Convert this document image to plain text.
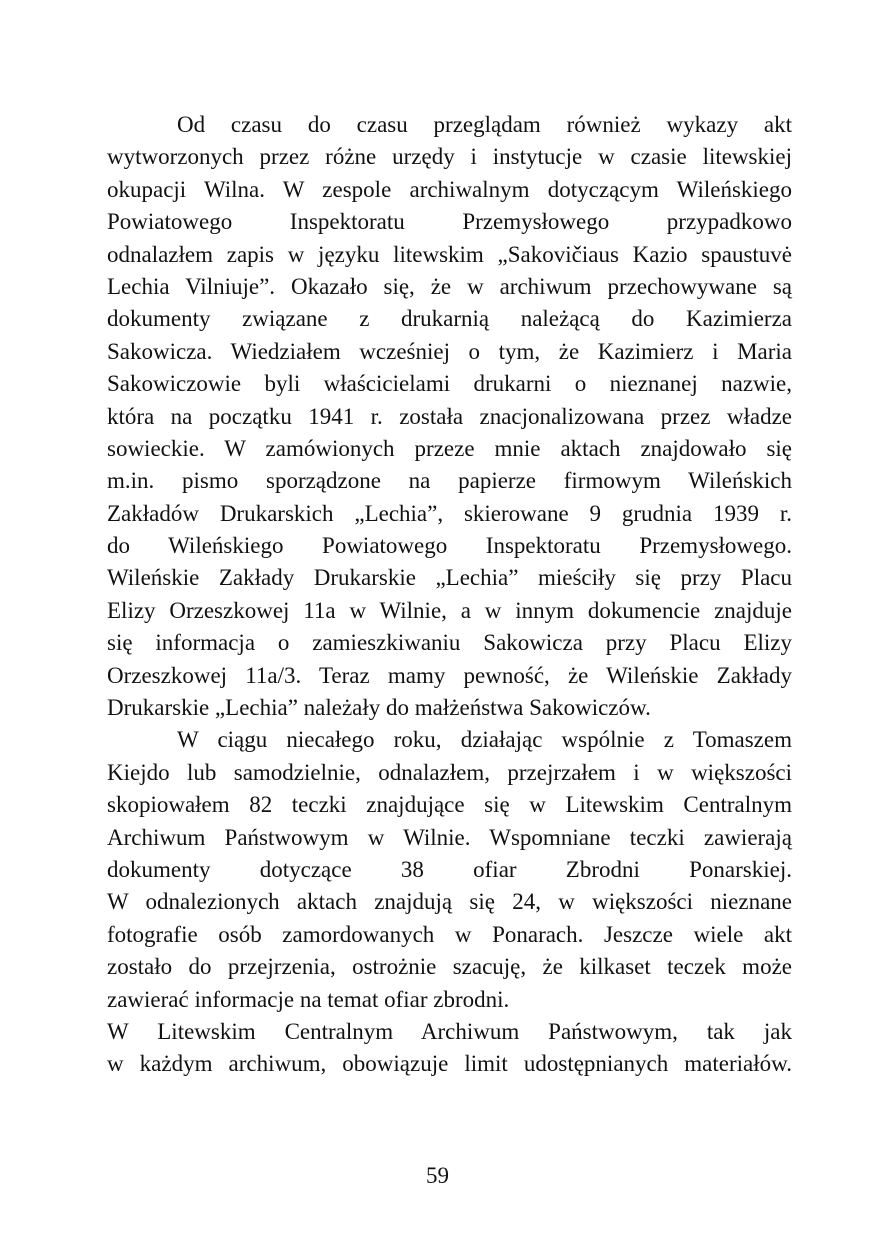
Od czasu do czasu przeglądam również wykazy akt
wytworzonych przez różne urzędy i instytucje w czasie litewskiej
okupacji Wilna. W zespole archiwalnym dotyczącym Wileńskiego
Powiatowego Inspektoratu Przemysłowego przypadkowo
odnalazłem zapis w języku litewskim „Sakovičiaus Kazio spaustuvė
Lechia Vilniuje”. Okazało się, że w archiwum przechowywane są
dokumenty związane z drukarnią należącą do Kazimierza
Sakowicza. Wiedziałem wcześniej o tym, że Kazimierz i Maria
Sakowiczowie byli właścicielami drukarni o nieznanej nazwie,
która na początku 1941 r. została znacjonalizowana przez władze
sowieckie. W zamówionych przeze mnie aktach znajdowało się
m.in. pismo sporządzone na papierze firmowym Wileńskich
Zakładów Drukarskich „Lechia”, skierowane 9 grudnia 1939 r.
do Wileńskiego Powiatowego Inspektoratu Przemysłowego.
Wileńskie Zakłady Drukarskie „Lechia” mieściły się przy Placu
Elizy Orzeszkowej 11a w Wilnie, a w innym dokumencie znajduje
się informacja o zamieszkiwaniu Sakowicza przy Placu Elizy
Orzeszkowej 11a/3. Teraz mamy pewność, że Wileńskie Zakłady
Drukarskie „Lechia” należały do małżeństwa Sakowiczów.
W ciągu niecałego roku, działając wspólnie z Tomaszem
Kiejdo lub samodzielnie, odnalazłem, przejrzałem i w większości
skopiowałem 82 teczki znajdujące się w Litewskim Centralnym
Archiwum Państwowym w Wilnie. Wspomniane teczki zawierają
dokumenty dotyczące 38 ofiar Zbrodni Ponarskiej.
W odnalezionych aktach znajdują się 24, w większości nieznane
fotografie osób zamordowanych w Ponarach. Jeszcze wiele akt
zostało do przejrzenia, ostrożnie szacuję, że kilkaset teczek może
zawierać informacje na temat ofiar zbrodni.
W Litewskim Centralnym Archiwum Państwowym, tak jak
w każdym archiwum, obowiązuje limit udostępnianych materiałów.
59
